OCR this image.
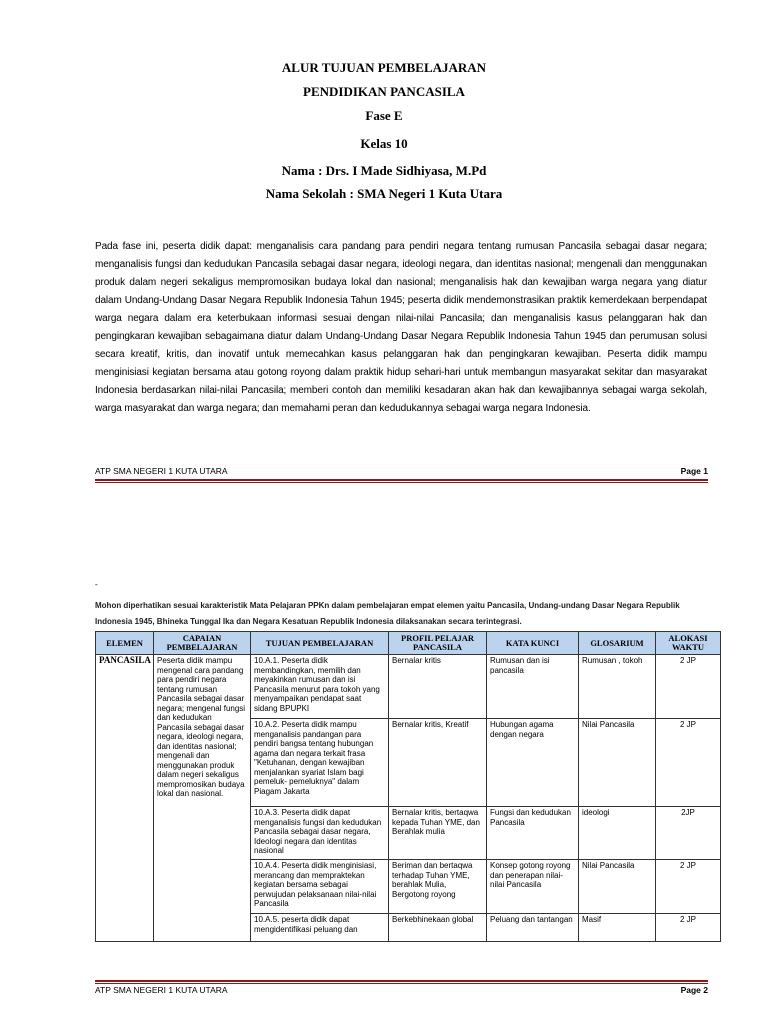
ALUR TUJUAN PEMBELAJARAN
PENDIDIKAN PANCASILA
Fase E
Kelas 10
Nama : Drs. I Made Sidhiyasa, M.Pd
Nama Sekolah : SMA Negeri 1 Kuta Utara
Pada fase ini, peserta didik dapat: menganalisis cara pandang para pendiri negara tentang rumusan Pancasila sebagai dasar negara; menganalisis fungsi dan kedudukan Pancasila sebagai dasar negara, ideologi negara, dan identitas nasional; mengenali dan menggunakan produk dalam negeri sekaligus mempromosikan budaya lokal dan nasional; menganalisis hak dan kewajiban warga negara yang diatur dalam Undang-Undang Dasar Negara Republik Indonesia Tahun 1945; peserta didik mendemonstrasikan praktik kemerdekaan berpendapat warga negara dalam era keterbukaan informasi sesuai dengan nilai-nilai Pancasila; dan menganalisis kasus pelanggaran hak dan pengingkaran kewajiban sebagaimana diatur dalam Undang-Undang Dasar Negara Republik Indonesia Tahun 1945 dan perumusan solusi secara kreatif, kritis, dan inovatif untuk memecahkan kasus pelanggaran hak dan pengingkaran kewajiban. Peserta didik mampu menginisiasi kegiatan bersama atau gotong royong dalam praktik hidup sehari-hari untuk membangun masyarakat sekitar dan masyarakat Indonesia berdasarkan nilai-nilai Pancasila; memberi contoh dan memiliki kesadaran akan hak dan kewajibannya sebagai warga sekolah, warga masyarakat dan warga negara; dan memahami peran dan kedudukannya sebagai warga negara Indonesia.
ATP SMA NEGERI 1 KUTA UTARA	Page 1
-
Mohon diperhatikan sesuai karakteristik Mata Pelajaran PPKn dalam pembelajaran empat elemen yaitu Pancasila, Undang-undang Dasar Negara Republik Indonesia 1945, Bhineka Tunggal Ika dan Negara Kesatuan Republik Indonesia dilaksanakan secara terintegrasi.
ELEMEN	CAPAIAN PEMBELAJARAN	TUJUAN PEMBELAJARAN	PROFIL PELAJAR PANCASILA	KATA KUNCI	GLOSARIUM	ALOKASI WAKTU
PANCASILA	Peserta didik mampu mengenal cara pandang para pendiri negara tentang rumusan Pancasila sebagai dasar negara; mengenal fungsi dan kedudukan Pancasila sebagai dasar negara, ideologi negara, dan identitas nasional; mengenali dan menggunakan produk dalam negeri sekaligus mempromosikan budaya lokal dan nasional.	10.A.1. Peserta didik membandingkan, memilih dan meyakinkan rumusan dan isi Pancasila menurut para tokoh yang menyampaikan pendapat saat sidang BPUPKI	Bernalar kritis	Rumusan dan isi pancasila	Rumusan , tokoh	2 JP
		10.A.2. Peserta didik mampu menganalisis pandangan para pendiri bangsa tentang hubungan agama dan negara terkait frasa "Ketuhanan, dengan kewajiban menjalankan syariat Islam bagi pemeluk- pemeluknya" dalam Piagam Jakarta	Bernalar kritis, Kreatif	Hubungan agama dengan negara	Nilai Pancasila	2 JP
		10.A.3. Peserta didik dapat menganalisis fungsi dan kedudukan Pancasila sebagai dasar negara, Ideologi negara dan identitas nasional	Bernalar kritis, bertaqwa kepada Tuhan YME, dan Berahlak mulia	Fungsi dan kedudukan Pancasila	ideologi	2JP
		10.A.4. Peserta didik menginisiasi, merancang dan mempraktekan kegiatan bersama sebagai perwujudan pelaksanaan nilai-nilai Pancasila	Beriman dan bertaqwa terhadap Tuhan YME, berahlak Mulia, Bergotong royong	Konsep gotong royong dan penerapan nilai-nilai Pancasila	Nilai Pancasila	2 JP
		10.A.5. peserta didik dapat mengidentifikasi peluang dan	Berkebhinekaan global	Peluang dan tantangan	Masif	2 JP
ATP SMA NEGERI 1 KUTA UTARA	Page 2
